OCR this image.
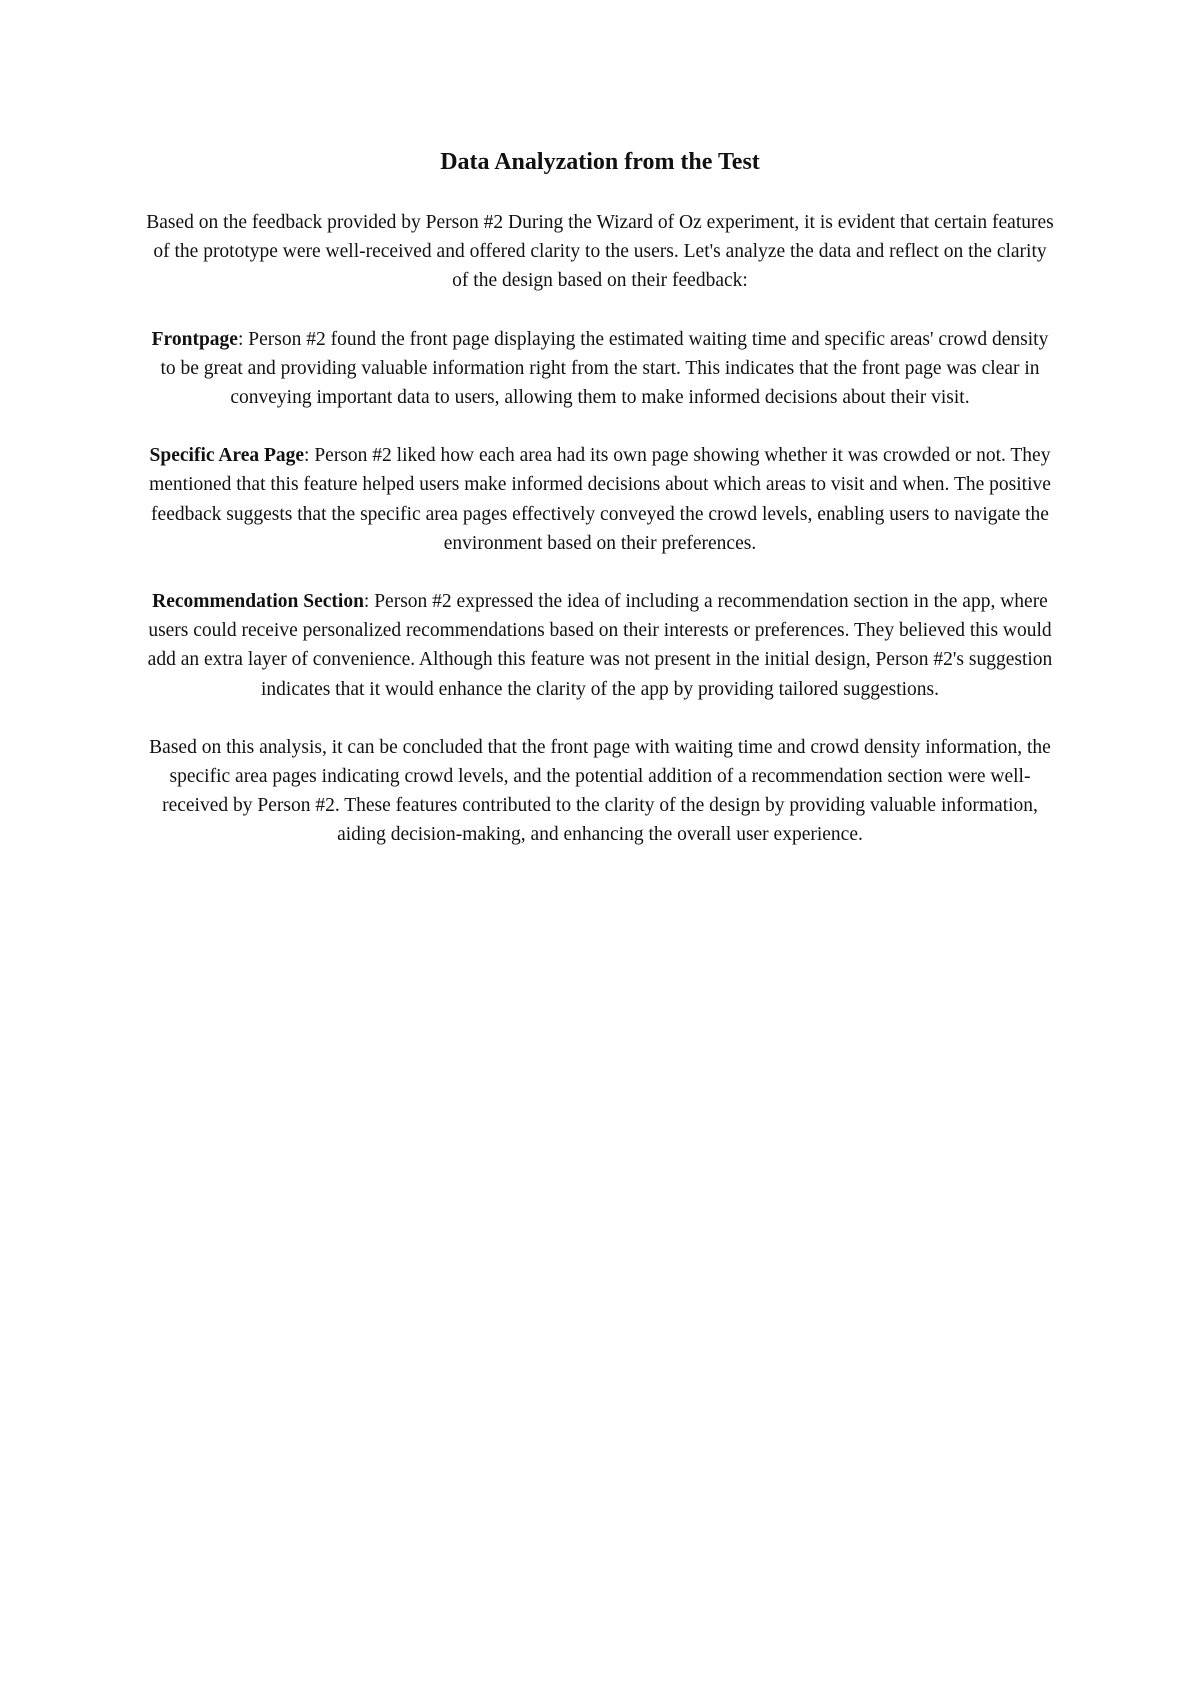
Data Analyzation from the Test

Based on the feedback provided by Person #2 During the Wizard of Oz experiment, it is evident that certain features of the prototype were well-received and offered clarity to the users. Let's analyze the data and reflect on the clarity of the design based on their feedback:

Frontpage: Person #2 found the front page displaying the estimated waiting time and specific areas' crowd density to be great and providing valuable information right from the start. This indicates that the front page was clear in conveying important data to users, allowing them to make informed decisions about their visit.

Specific Area Page: Person #2 liked how each area had its own page showing whether it was crowded or not. They mentioned that this feature helped users make informed decisions about which areas to visit and when. The positive feedback suggests that the specific area pages effectively conveyed the crowd levels, enabling users to navigate the environment based on their preferences.

Recommendation Section: Person #2 expressed the idea of including a recommendation section in the app, where users could receive personalized recommendations based on their interests or preferences. They believed this would add an extra layer of convenience. Although this feature was not present in the initial design, Person #2's suggestion indicates that it would enhance the clarity of the app by providing tailored suggestions.

Based on this analysis, it can be concluded that the front page with waiting time and crowd density information, the specific area pages indicating crowd levels, and the potential addition of a recommendation section were well-received by Person #2. These features contributed to the clarity of the design by providing valuable information, aiding decision-making, and enhancing the overall user experience.
